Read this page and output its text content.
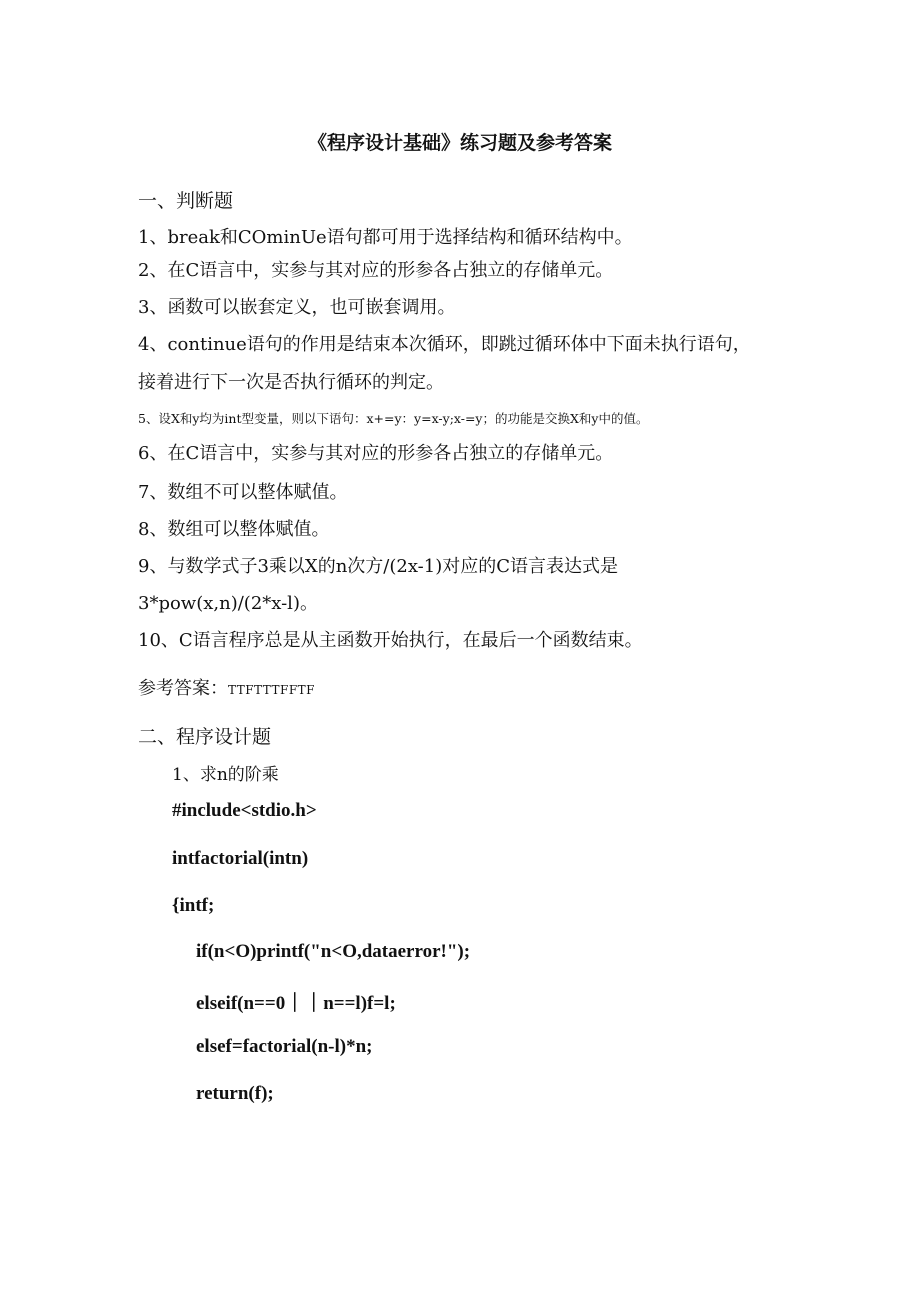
《程序设计基础》练习题及参考答案
一、判断题
1、break和COminUe语句都可用于选择结构和循环结构中。
2、在C语言中，实参与其对应的形参各占独立的存储单元。
3、函数可以嵌套定义，也可嵌套调用。
4、continue语句的作用是结束本次循环，即跳过循环体中下面未执行语句，
接着进行下一次是否执行循环的判定。
5、设X和y均为int型变量，则以下语句：x+=y：y=x-y;x-=y；的功能是交换X和y中的值。
6、在C语言中，实参与其对应的形参各占独立的存储单元。
7、数组不可以整体赋值。
8、数组可以整体赋值。
9、与数学式子3乘以X的n次方/(2x-1)对应的C语言表达式是
3*pow(x,n)∕(2*x-l)。
10、C语言程序总是从主函数开始执行，在最后一个函数结束。
参考答案：TTFTTTFFTF
二、程序设计题
1、求n的阶乘
#include<stdio.h>
intfactorial(intn)
{intf;
if(n<O)printf("n<O,dataerror!");
elseif(n==0｜｜n==l)f=l;
elsef=factorial(n-l)*n;
return(f);
